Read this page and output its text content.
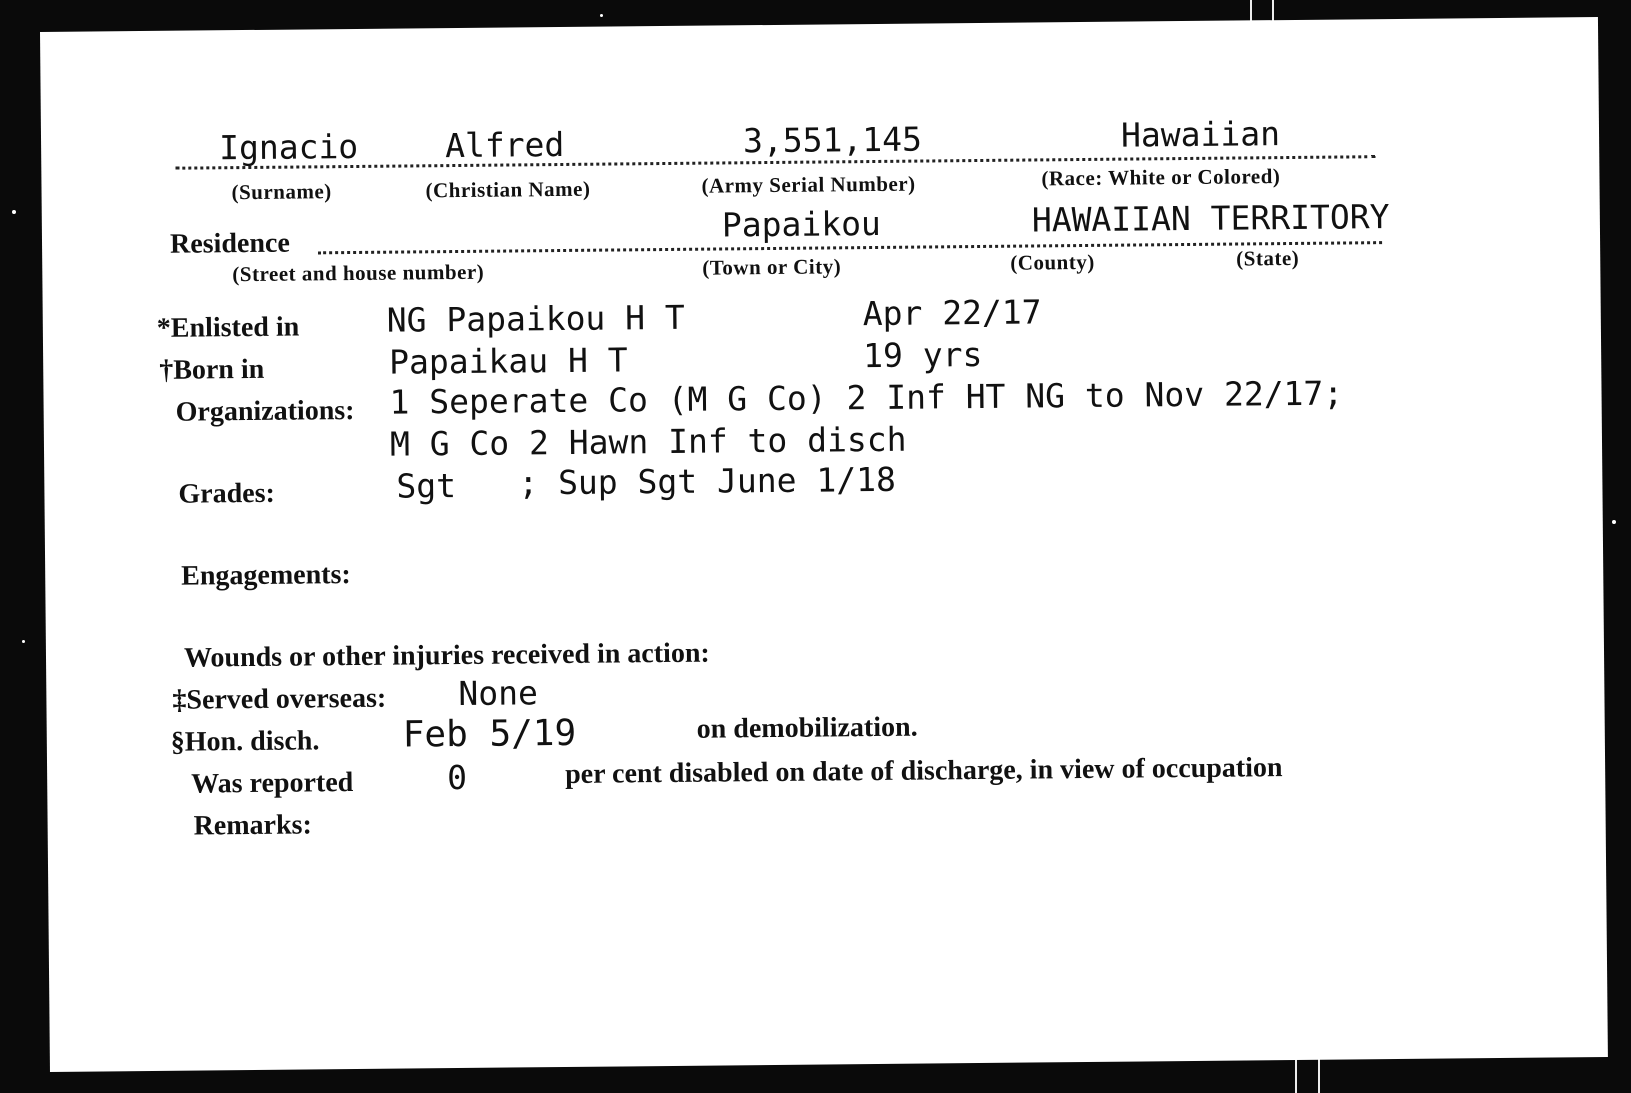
Ignacio	Alfred	3,551,145	Hawaiian
(Surname)	(Christian Name)	(Army Serial Number)	(Race: White or Colored)
Residence	Papaikou	HAWAIIAN TERRITORY
(Street and house number)	(Town or City)	(County)	(State)
*Enlisted in	NG Papaikou H T	Apr 22/17
†Born in	Papaikau H T	19 yrs
Organizations: 1 Seperate Co (M G Co) 2 Inf HT NG to Nov 22/17;
M G Co 2 Hawn Inf to disch
Grades:	Sgt ; Sup Sgt June 1/18
Engagements:
Wounds or other injuries received in action:
‡Served overseas: None
§Hon. disch. Feb 5/19	on demobilization.
Was reported	0	per cent disabled on date of discharge, in view of occupation
Remarks:
